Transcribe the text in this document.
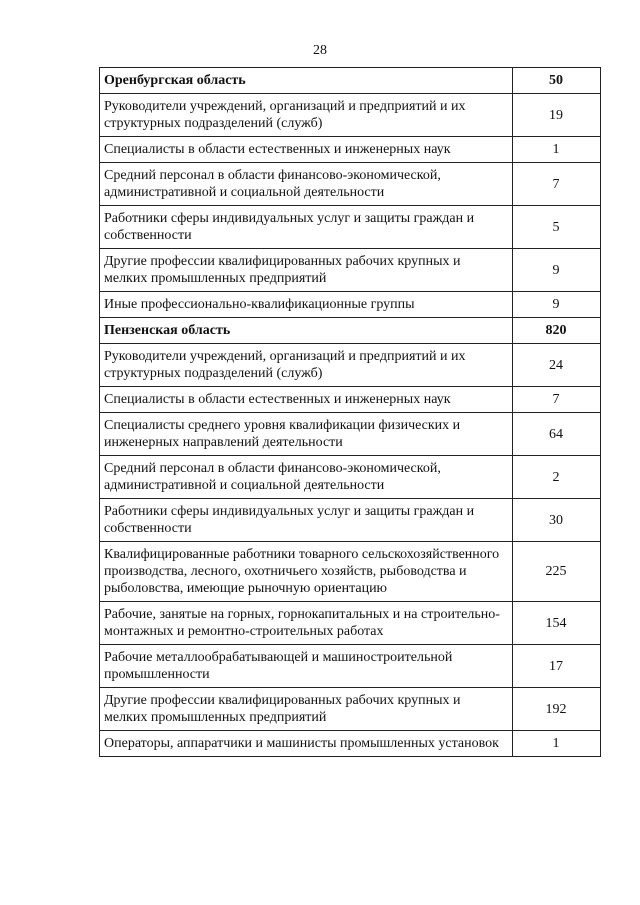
28
Оренбургская область	50
Руководители учреждений, организаций и предприятий и их структурных подразделений (служб)	19
Специалисты в области естественных и инженерных наук	1
Средний персонал в области финансово-экономической, административной и социальной деятельности	7
Работники сферы индивидуальных услуг и защиты граждан и собственности	5
Другие профессии квалифицированных рабочих крупных и мелких промышленных предприятий	9
Иные профессионально-квалификационные группы	9
Пензенская область	820
Руководители учреждений, организаций и предприятий и их структурных подразделений (служб)	24
Специалисты в области естественных и инженерных наук	7
Специалисты среднего уровня квалификации физических и инженерных направлений деятельности	64
Средний персонал в области финансово-экономической, административной и социальной деятельности	2
Работники сферы индивидуальных услуг и защиты граждан и собственности	30
Квалифицированные работники товарного сельскохозяйственного производства, лесного, охотничьего хозяйств, рыбоводства и рыболовства, имеющие рыночную ориентацию	225
Рабочие, занятые на горных, горнокапитальных и на строительно-монтажных и ремонтно-строительных работах	154
Рабочие металлообрабатывающей и машиностроительной промышленности	17
Другие профессии квалифицированных рабочих крупных и мелких промышленных предприятий	192
Операторы, аппаратчики и машинисты промышленных установок	1
